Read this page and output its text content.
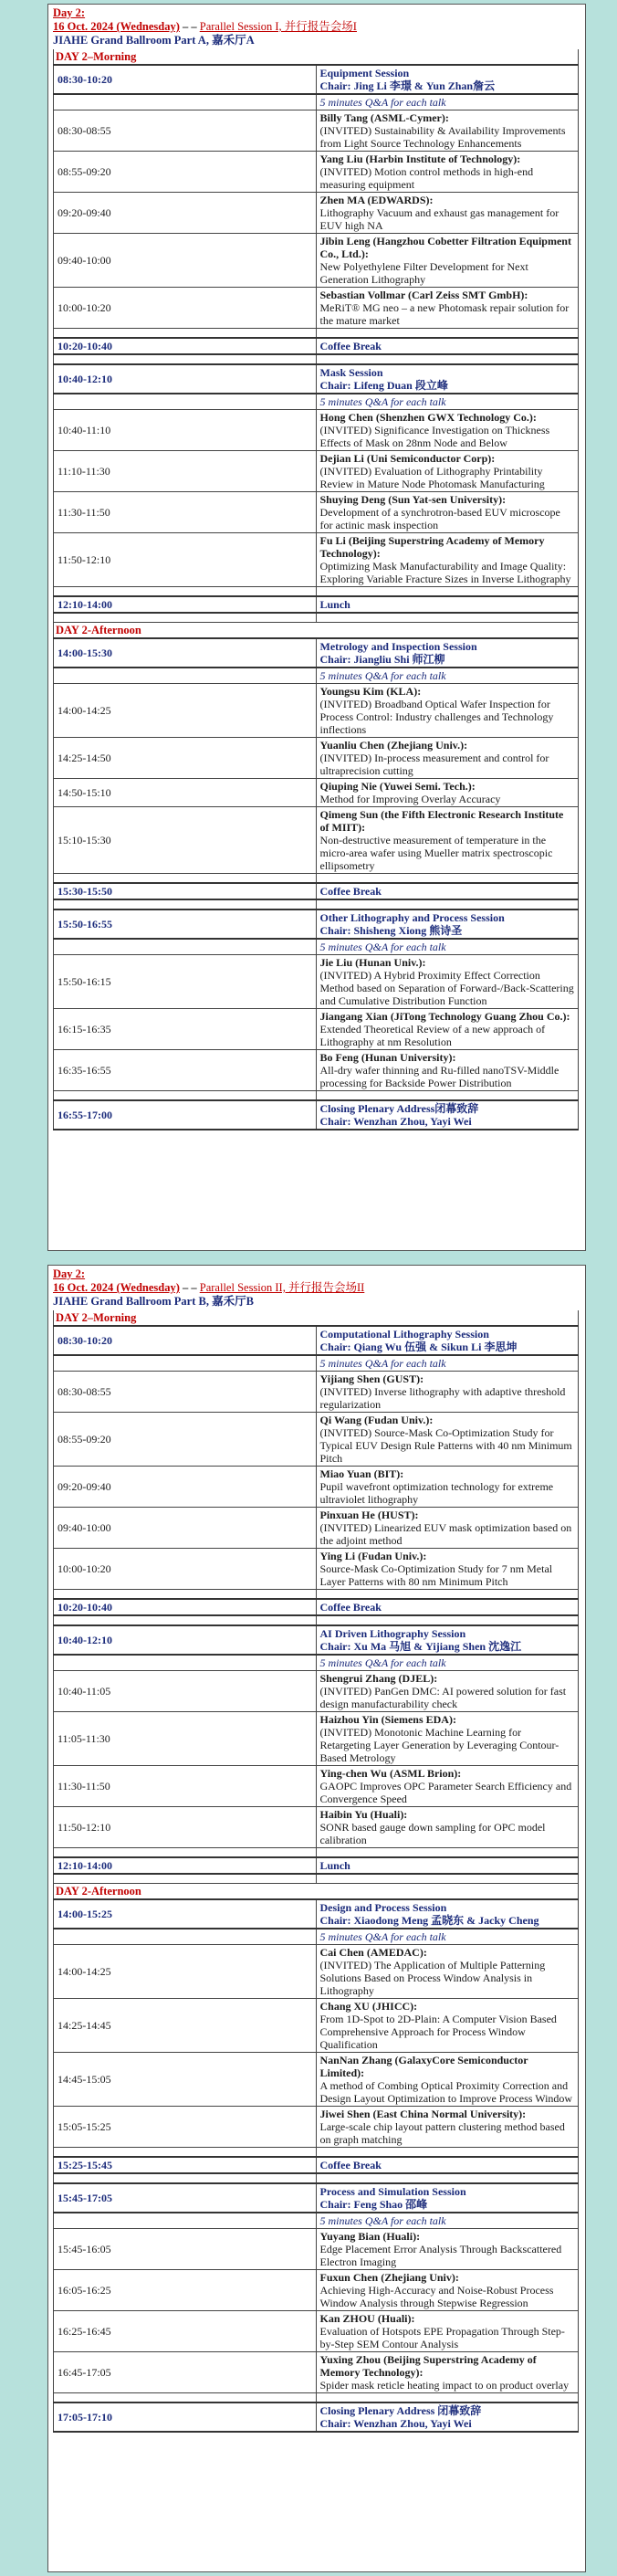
Day 2:
16 Oct. 2024 (Wednesday) – – Parallel Session I, 并行报告会场I
JIAHE Grand Ballroom Part A, 嘉禾厅A
DAY 2–Morning	
08:30-10:20	Equipment Session
Chair: Jing Li 李璟 & Yun Zhan詹云

	5 minutes Q&A for each talk
08:30-08:55	Billy Tang (ASML-Cymer):
(INVITED) Sustainability & Availability Improvements from Light Source Technology Enhancements

08:55-09:20	Yang Liu (Harbin Institute of Technology):
(INVITED) Motion control methods in high-end measuring equipment

09:20-09:40	Zhen MA (EDWARDS):
Lithography Vacuum and exhaust gas management for EUV high NA

09:40-10:00	Jibin Leng (Hangzhou Cobetter Filtration Equipment Co., Ltd.):
New Polyethylene Filter Development for Next Generation Lithography

10:00-10:20	Sebastian Vollmar (Carl Zeiss SMT GmbH):
MeRiT® MG neo – a new Photomask repair solution for the mature market

10:20-10:40	Coffee Break

10:40-12:10	Mask Session
Chair: Lifeng Duan 段立峰

	5 minutes Q&A for each talk
10:40-11:10	Hong Chen (Shenzhen GWX Technology Co.):
(INVITED) Significance Investigation on Thickness Effects of Mask on 28nm Node and Below

11:10-11:30	Dejian Li (Uni Semiconductor Corp):
(INVITED) Evaluation of Lithography Printability Review in Mature Node Photomask Manufacturing

11:30-11:50	Shuying Deng (Sun Yat-sen University):
Development of a synchrotron-based EUV microscope for actinic mask inspection

11:50-12:10	Fu Li (Beijing Superstring Academy of Memory Technology):
Optimizing Mask Manufacturability and Image Quality: Exploring Variable Fracture Sizes in Inverse Lithography

12:10-14:00	Lunch

DAY 2-Afternoon	
14:00-15:30	Metrology and Inspection Session
Chair: Jiangliu Shi 师江柳

	5 minutes Q&A for each talk
14:00-14:25	Youngsu Kim (KLA):
(INVITED) Broadband Optical Wafer Inspection for Process Control: Industry challenges and Technology inflections

14:25-14:50	Yuanliu Chen (Zhejiang Univ.):
(INVITED) In-process measurement and control for ultraprecision cutting

14:50-15:10	Qiuping Nie (Yuwei Semi. Tech.):
Method for Improving Overlay Accuracy

15:10-15:30	Qimeng Sun (the Fifth Electronic Research Institute of MIIT):
Non-destructive measurement of temperature in the micro-area wafer using Mueller matrix spectroscopic ellipsometry

15:30-15:50	Coffee Break

15:50-16:55	Other Lithography and Process Session
Chair: Shisheng Xiong 熊诗圣

	5 minutes Q&A for each talk
15:50-16:15	Jie Liu (Hunan Univ.):
(INVITED) A Hybrid Proximity Effect Correction Method based on Separation of Forward-/Back-Scattering and Cumulative Distribution Function

16:15-16:35	Jiangang Xian (JiTong Technology Guang Zhou Co.):
Extended Theoretical Review of a new approach of Lithography at nm Resolution

16:35-16:55	Bo Feng (Hunan University):
All-dry wafer thinning and Ru-filled nanoTSV-Middle processing for Backside Power Distribution

16:55-17:00	Closing Plenary Address闭幕致辞
Chair: Wenzhan Zhou, Yayi Wei
Day 2:
16 Oct. 2024 (Wednesday) – – Parallel Session II, 并行报告会场II
JIAHE Grand Ballroom Part B, 嘉禾厅B
DAY 2–Morning	
08:30-10:20	Computational Lithography Session
Chair: Qiang Wu 伍强 & Sikun Li 李思坤

	5 minutes Q&A for each talk
08:30-08:55	Yijiang Shen (GUST):
(INVITED) Inverse lithography with adaptive threshold regularization

08:55-09:20	Qi Wang (Fudan Univ.):
(INVITED) Source-Mask Co-Optimization Study for Typical EUV Design Rule Patterns with 40 nm Minimum Pitch

09:20-09:40	Miao Yuan (BIT):
Pupil wavefront optimization technology for extreme ultraviolet lithography

09:40-10:00	Pinxuan He (HUST):
(INVITED) Linearized EUV mask optimization based on the adjoint method

10:00-10:20	Ying Li (Fudan Univ.):
Source-Mask Co-Optimization Study for 7 nm Metal Layer Patterns with 80 nm Minimum Pitch

10:20-10:40	Coffee Break

10:40-12:10	AI Driven Lithography Session
Chair: Xu Ma 马旭 & Yijiang Shen 沈逸江

	5 minutes Q&A for each talk
10:40-11:05	Shengrui Zhang (DJEL):
(INVITED) PanGen DMC: AI powered solution for fast design manufacturability check

11:05-11:30	Haizhou Yin (Siemens EDA):
(INVITED) Monotonic Machine Learning for Retargeting Layer Generation by Leveraging Contour-Based Metrology

11:30-11:50	Ying-chen Wu (ASML Brion):
GAOPC Improves OPC Parameter Search Efficiency and Convergence Speed

11:50-12:10	Haibin Yu (Huali):
SONR based gauge down sampling for OPC model calibration

12:10-14:00	Lunch

DAY 2-Afternoon	
14:00-15:25	Design and Process Session
Chair: Xiaodong Meng 孟晓东 & Jacky Cheng

	5 minutes Q&A for each talk
14:00-14:25	Cai Chen (AMEDAC):
(INVITED) The Application of Multiple Patterning Solutions Based on Process Window Analysis in Lithography

14:25-14:45	Chang XU (JHICC):
From 1D-Spot to 2D-Plain: A Computer Vision Based Comprehensive Approach for Process Window Qualification

14:45-15:05	NanNan Zhang (GalaxyCore Semiconductor Limited):
A method of Combing Optical Proximity Correction and Design Layout Optimization to Improve Process Window

15:05-15:25	Jiwei Shen (East China Normal University):
Large-scale chip layout pattern clustering method based on graph matching

15:25-15:45	Coffee Break

15:45-17:05	Process and Simulation Session
Chair: Feng Shao 邵峰

	5 minutes Q&A for each talk
15:45-16:05	Yuyang Bian (Huali):
Edge Placement Error Analysis Through Backscattered Electron Imaging

16:05-16:25	Fuxun Chen (Zhejiang Univ):
Achieving High-Accuracy and Noise-Robust Process Window Analysis through Stepwise Regression

16:25-16:45	Kan ZHOU (Huali):
Evaluation of Hotspots EPE Propagation Through Step-by-Step SEM Contour Analysis

16:45-17:05	Yuxing Zhou (Beijing Superstring Academy of Memory Technology):
Spider mask reticle heating impact to on product overlay

17:05-17:10	Closing Plenary Address 闭幕致辞
Chair: Wenzhan Zhou, Yayi Wei
